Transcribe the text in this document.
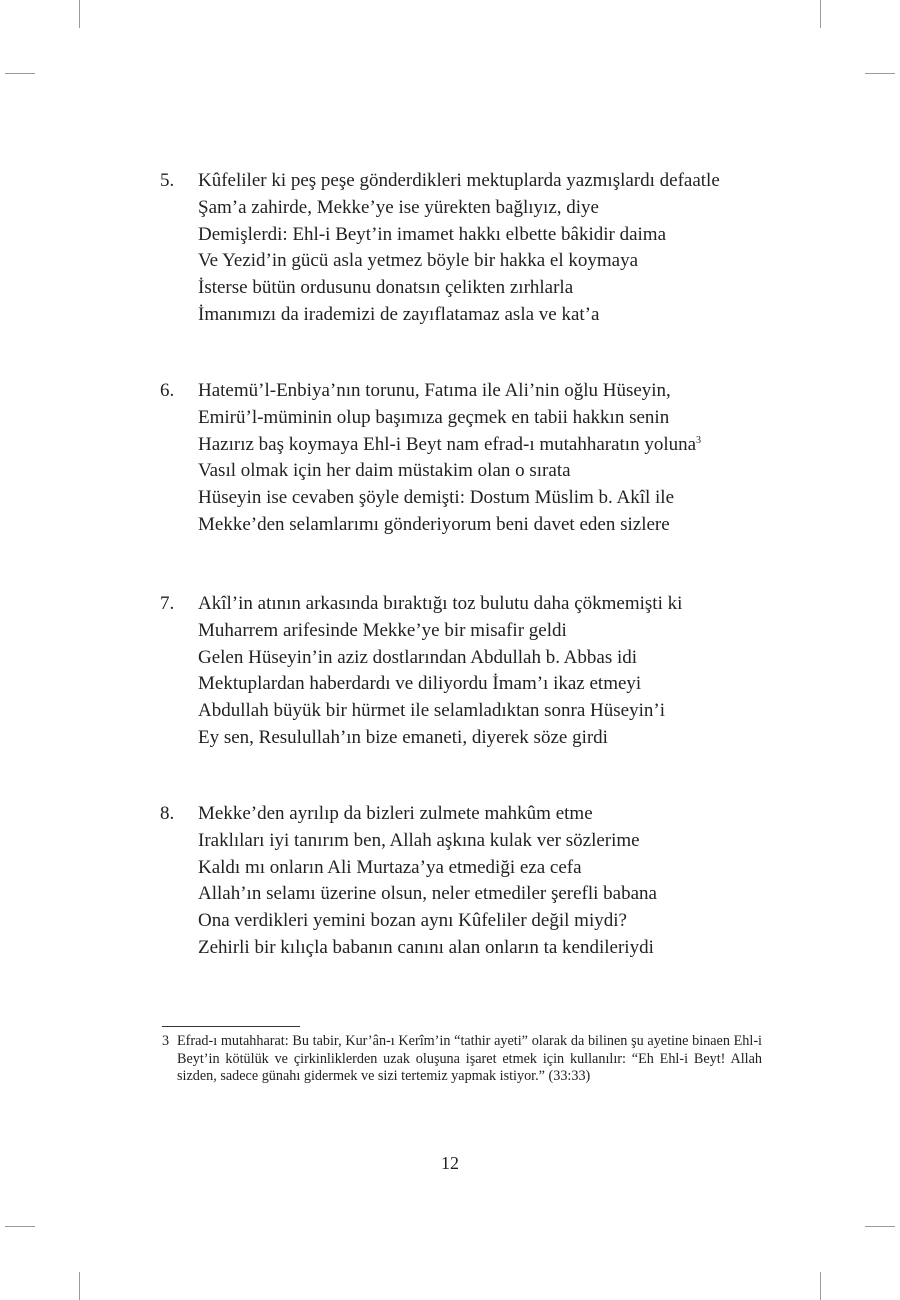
5.	Kûfeliler ki peş peşe gönderdikleri mektuplarda yazmışlardı defaatle
Şam’a zahirde, Mekke’ye ise yürekten bağlıyız, diye
Demişlerdi: Ehl-i Beyt’in imamet hakkı elbette bâkidir daima
Ve Yezid’in gücü asla yetmez böyle bir hakka el koymaya
İsterse bütün ordusunu donatsın çelikten zırhlarla
İmanımızı da irademizi de zayıflatamaz asla ve kat’a
6.	Hatemü’l-Enbiya’nın torunu, Fatıma ile Ali’nin oğlu Hüseyin,
Emirü’l-müminin olup başımıza geçmek en tabii hakkın senin
Hazırız baş koymaya Ehl-i Beyt nam efrad-ı mutahharatın yoluna$^3$
Vasıl olmak için her daim müstakim olan o sırata
Hüseyin ise cevaben şöyle demişti: Dostum Müslim b. Akîl ile
Mekke’den selamlarımı gönderiyorum beni davet eden sizlere
7.	Akîl’in atının arkasında bıraktığı toz bulutu daha çökmemişti ki
Muharrem arifesinde Mekke’ye bir misafir geldi
Gelen Hüseyin’in aziz dostlarından Abdullah b. Abbas idi
Mektuplardan haberdardı ve diliyordu İmam’ı ikaz etmeyi
Abdullah büyük bir hürmet ile selamladıktan sonra Hüseyin’i
Ey sen, Resulullah’ın bize emaneti, diyerek söze girdi
8.	Mekke’den ayrılıp da bizleri zulmete mahkûm etme
Iraklıları iyi tanırım ben, Allah aşkına kulak ver sözlerime
Kaldı mı onların Ali Murtaza’ya etmediği eza cefa
Allah’ın selamı üzerine olsun, neler etmediler şerefli babana
Ona verdikleri yemini bozan aynı Kûfeliler değil miydi?
Zehirli bir kılıçla babanın canını alan onların ta kendileriydi
3 Efrad-ı mutahharat: Bu tabir, Kur’ân-ı Kerîm’in “tathir ayeti” olarak da bilinen şu ayetine binaen Ehl-i Beyt’in kötülük ve çirkinliklerden uzak oluşuna işaret etmek için kullanılır: “Eh Ehl-i Beyt! Allah sizden, sadece günahı gidermek ve sizi tertemiz yapmak istiyor.” (33:33)
12
